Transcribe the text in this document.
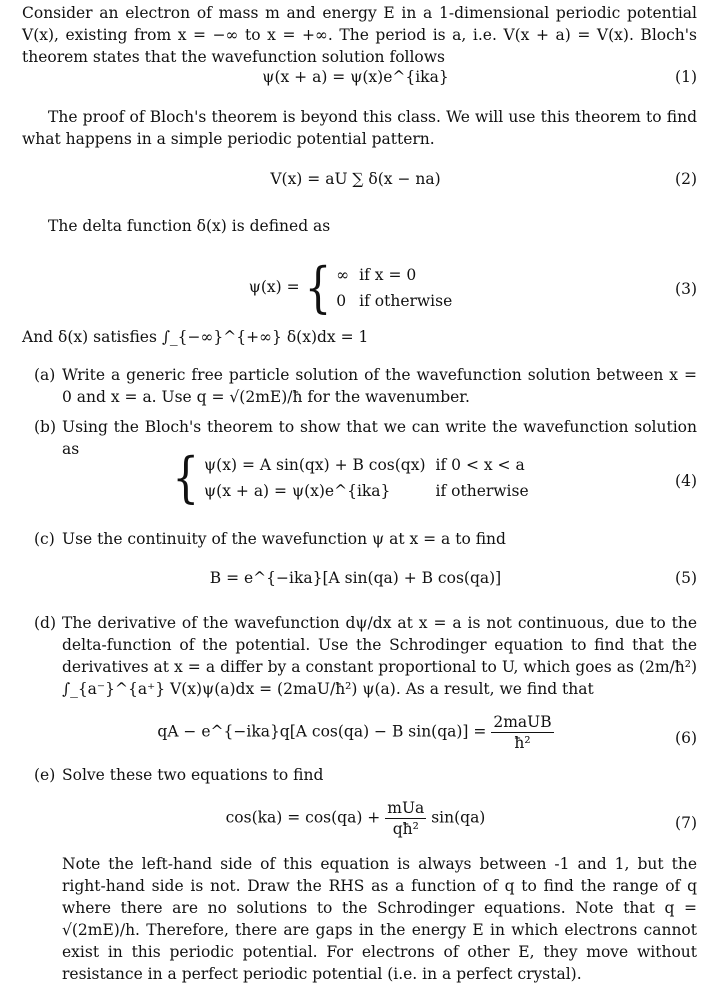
Consider an electron of mass m and energy E in a 1-dimensional periodic potential V(x), existing from x = −∞ to x = +∞. The period is a, i.e. V(x + a) = V(x). Bloch's theorem states that the wavefunction solution follows
ψ(x + a) = ψ(x)e^{ika}	(1)
The proof of Bloch's theorem is beyond this class. We will use this theorem to find what happens in a simple periodic potential pattern.
V(x) = aU ∑ δ(x − na)	(2)
The delta function δ(x) is defined as
ψ(x) = { ∞	if x = 0
0	if otherwise
(3)
And δ(x) satisfies ∫_{−∞}^{+∞} δ(x)dx = 1
(a) Write a generic free particle solution of the wavefunction solution between x = 0 and x = a. Use q = √(2mE)/ħ for the wavenumber.
(b) Using the Bloch's theorem to show that we can write the wavefunction solution as	{ ψ(x) = A sin(qx) + B cos(qx)	if 0 < x < a
ψ(x + a) = ψ(x)e^{ika}	if otherwise
(4)
(c) Use the continuity of the wavefunction ψ at x = a to find
B = e^{−ika}[A sin(qa) + B cos(qa)]	(5)
(d) The derivative of the wavefunction dψ/dx at x = a is not continuous, due to the delta-function of the potential. Use the Schrodinger equation to find that the derivatives at x = a differ by a constant proportional to U, which goes as (2m/ħ²) ∫_{a⁻}^{a⁺} V(x)ψ(a)dx = (2maU/ħ²) ψ(a). As a result, we find that
qA − e^{−ika}q[A cos(qa) − B $\sin(qa)] = \frac{\text{2maUB}}{\text{ħ²}}$	(6)
(e) Solve these two equations to find
$\cos(ka) = \cos(qa) + \frac{\text{mUa}}{\text{qħ²}} \sin(qa)$	(7)
Note the left-hand side of this equation is always between -1 and 1, but the right-hand side is not. Draw the RHS as a function of q to find the range of q where there are no solutions to the Schrodinger equations. Note that q = √(2mE)/h. Therefore, there are gaps in the energy E in which electrons cannot exist in this periodic potential. For electrons of other E, they move without resistance in a perfect periodic potential (i.e. in a perfect crystal).
